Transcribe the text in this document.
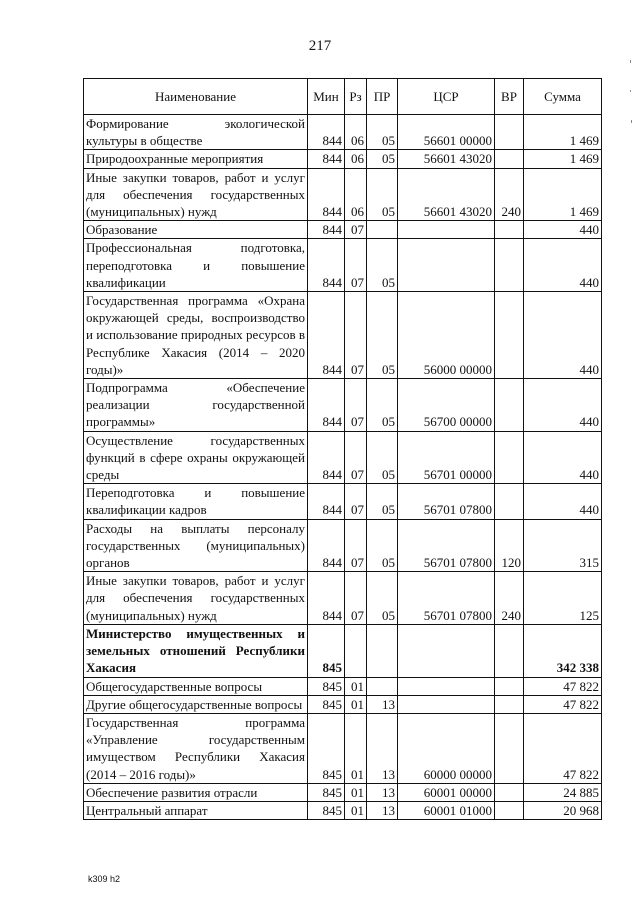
217
Наименование	Мин	Рз	ПР	ЦСР	ВР	Сумма
Формирование экологической культуры в обществе	844	06	05	56601 00000		1 469
Природоохранные мероприятия	844	06	05	56601 43020		1 469
Иные закупки товаров, работ и услуг для обеспечения государственных (муниципальных) нужд	844	06	05	56601 43020	240	1 469
Образование	844	07				440
Профессиональная подготовка, переподготовка и повышение квалификации	844	07	05			440
Государственная программа «Охрана окружающей среды, воспроизводство и использование природных ресурсов в Республике Хакасия (2014 – 2020 годы)»	844	07	05	56000 00000		440
Подпрограмма «Обеспечение реализации государственной программы»	844	07	05	56700 00000		440
Осуществление государственных функций в сфере охраны окружающей среды	844	07	05	56701 00000		440
Переподготовка и повышение квалификации кадров	844	07	05	56701 07800		440
Расходы на выплаты персоналу государственных (муниципальных) органов	844	07	05	56701 07800	120	315
Иные закупки товаров, работ и услуг для обеспечения государственных (муниципальных) нужд	844	07	05	56701 07800	240	125
Министерство имущественных и земельных отношений Республики Хакасия	845					342 338
Общегосударственные вопросы	845	01				47 822
Другие общегосударственные вопросы	845	01	13			47 822
Государственная программа «Управление государственным имуществом Республики Хакасия (2014 – 2016 годы)»	845	01	13	60000 00000		47 822
Обеспечение развития отрасли	845	01	13	60001 00000		24 885
Центральный аппарат	845	01	13	60001 01000		20 968
k309 h2
